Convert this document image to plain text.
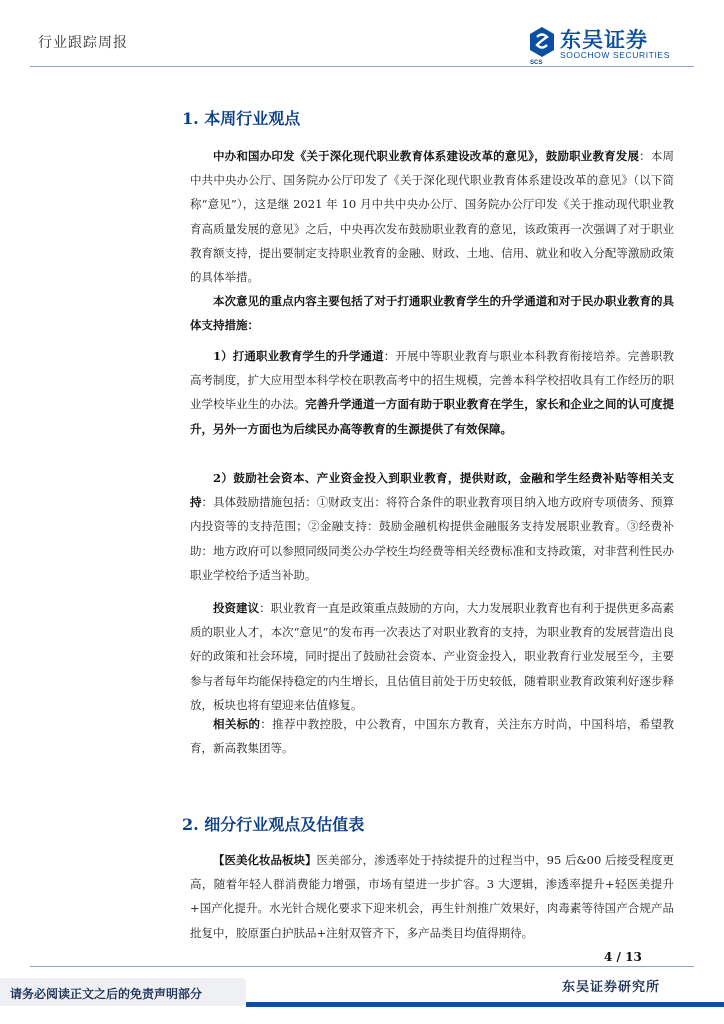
行业跟踪周报	东吴证券
SOOCHOW SECURITIES
SCS
1. 本周行业观点

中办和国办印发《关于深化现代职业教育体系建设改革的意见》，鼓励职业教育发展：本周中共中央办公厅、国务院办公厅印发了《关于深化现代职业教育体系建设改革的意见》（以下简称“意见”），这是继 2021 年 10 月中共中央办公厅、国务院办公厅印发《关于推动现代职业教育高质量发展的意见》之后，中央再次发布鼓励职业教育的意见，该政策再一次强调了对于职业教育额支持，提出要制定支持职业教育的金融、财政、土地、信用、就业和收入分配等激励政策的具体举措。

本次意见的重点内容主要包括了对于打通职业教育学生的升学通道和对于民办职业教育的具体支持措施：

1）打通职业教育学生的升学通道：开展中等职业教育与职业本科教育衔接培养。完善职教高考制度，扩大应用型本科学校在职教高考中的招生规模，完善本科学校招收具有工作经历的职业学校毕业生的办法。完善升学通道一方面有助于职业教育在学生，家长和企业之间的认可度提升，另外一方面也为后续民办高等教育的生源提供了有效保障。

2）鼓励社会资本、产业资金投入到职业教育，提供财政，金融和学生经费补贴等相关支持：具体鼓励措施包括：①财政支出：将符合条件的职业教育项目纳入地方政府专项债务、预算内投资等的支持范围；②金融支持：鼓励金融机构提供金融服务支持发展职业教育。③经费补助：地方政府可以参照同级同类公办学校生均经费等相关经费标准和支持政策，对非营利性民办职业学校给予适当补助。

投资建议：职业教育一直是政策重点鼓励的方向，大力发展职业教育也有利于提供更多高素质的职业人才，本次“意见”的发布再一次表达了对职业教育的支持，为职业教育的发展营造出良好的政策和社会环境，同时提出了鼓励社会资本、产业资金投入，职业教育行业发展至今，主要参与者每年均能保持稳定的内生增长，且估值目前处于历史较低，随着职业教育政策利好逐步释放，板块也将有望迎来估值修复。

相关标的：推荐中教控股，中公教育，中国东方教育，关注东方时尚，中国科培，希望教育，新高教集团等。

2. 细分行业观点及估值表

【医美化妆品板块】医美部分，渗透率处于持续提升的过程当中，95 后&00 后接受程度更高，随着年轻人群消费能力增强，市场有望进一步扩容。3 大逻辑，渗透率提升+轻医美提升+国产化提升。水光针合规化要求下迎来机会，再生针剂推广效果好，肉毒素等待国产合规产品批复中，胶原蛋白护肤品+注射双管齐下，多产品类目均值得期待。

4 / 13
请务必阅读正文之后的免责声明部分	东吴证券研究所
